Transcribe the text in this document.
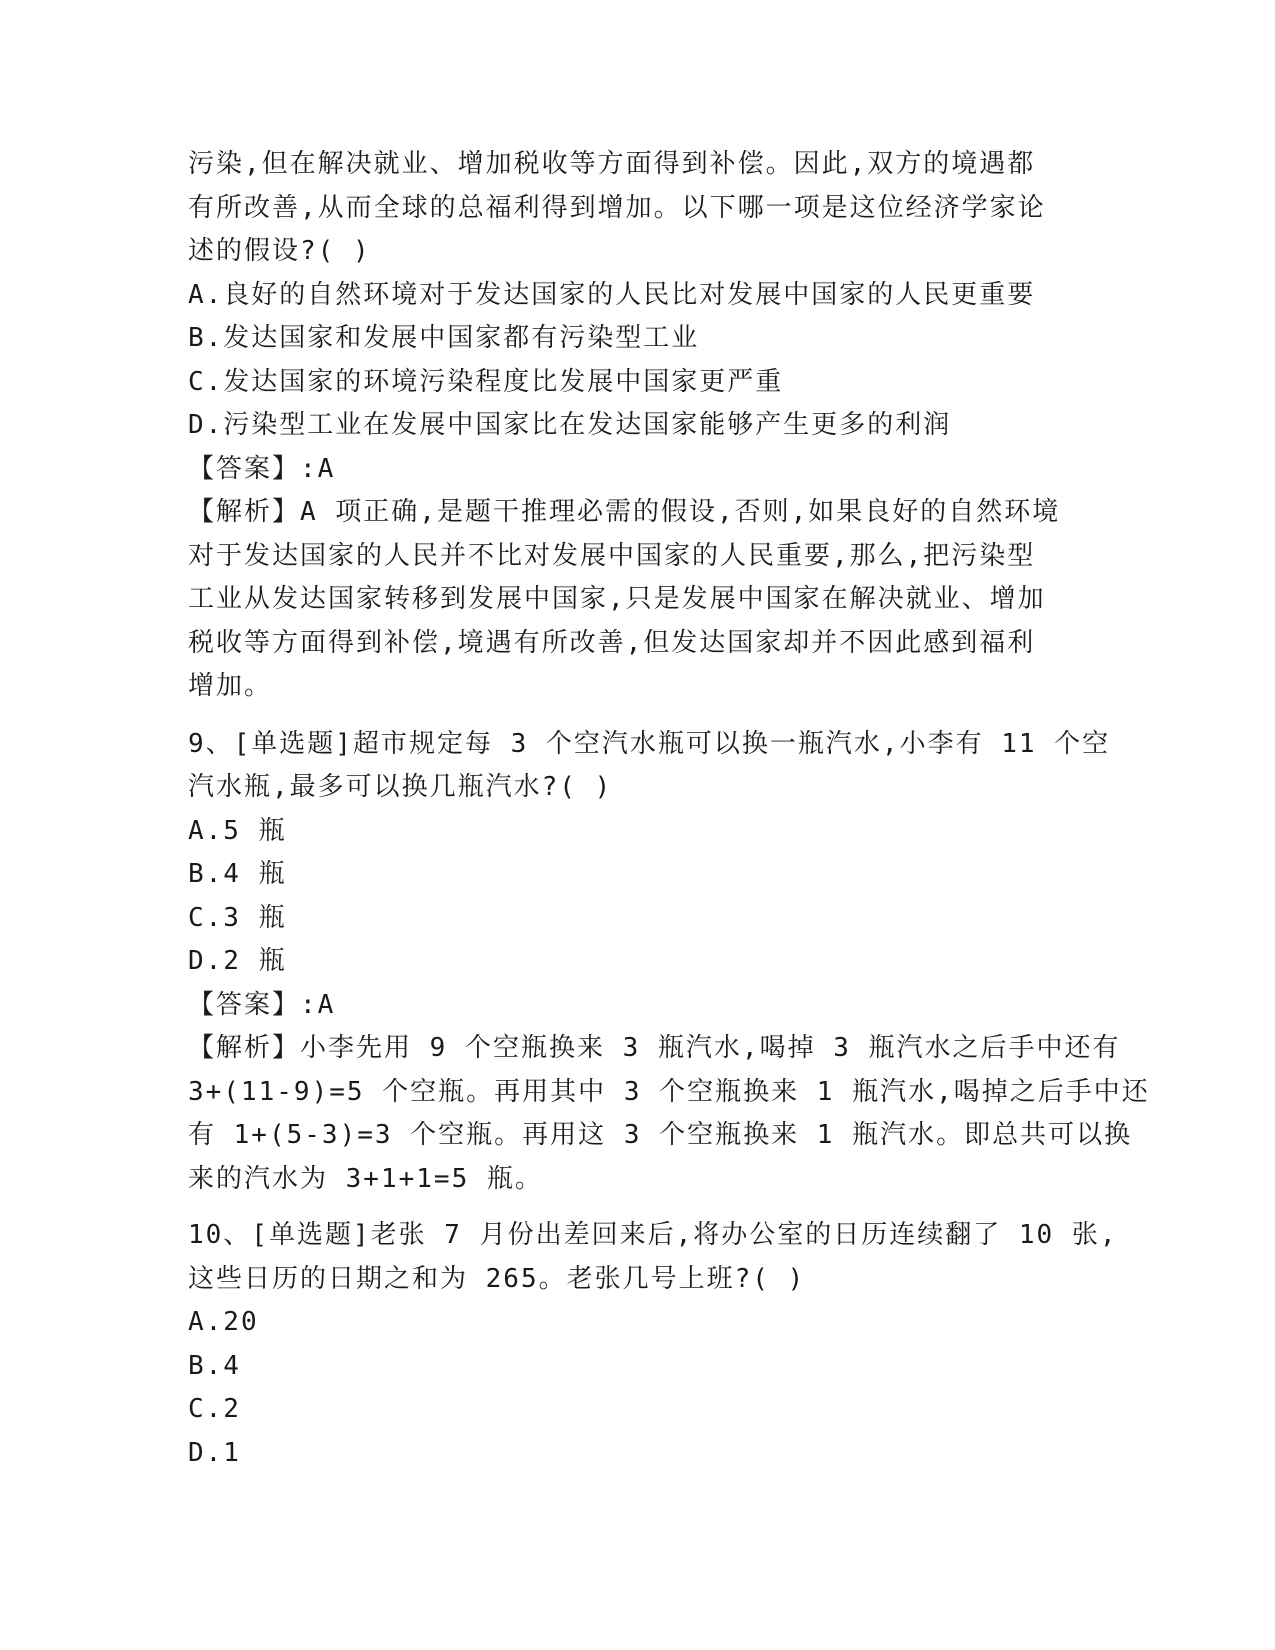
污染,但在解决就业、增加税收等方面得到补偿。因此,双方的境遇都
有所改善,从而全球的总福利得到增加。以下哪一项是这位经济学家论
述的假设?( )
A.良好的自然环境对于发达国家的人民比对发展中国家的人民更重要
B.发达国家和发展中国家都有污染型工业
C.发达国家的环境污染程度比发展中国家更严重
D.污染型工业在发展中国家比在发达国家能够产生更多的利润
【答案】:A
【解析】A 项正确,是题干推理必需的假设,否则,如果良好的自然环境
对于发达国家的人民并不比对发展中国家的人民重要,那么,把污染型
工业从发达国家转移到发展中国家,只是发展中国家在解决就业、增加
税收等方面得到补偿,境遇有所改善,但发达国家却并不因此感到福利
增加。
9、[单选题]超市规定每 3 个空汽水瓶可以换一瓶汽水,小李有 11 个空
汽水瓶,最多可以换几瓶汽水?( )
A.5 瓶
B.4 瓶
C.3 瓶
D.2 瓶
【答案】:A
【解析】小李先用 9 个空瓶换来 3 瓶汽水,喝掉 3 瓶汽水之后手中还有
3+(11-9)=5 个空瓶。再用其中 3 个空瓶换来 1 瓶汽水,喝掉之后手中还
有 1+(5-3)=3 个空瓶。再用这 3 个空瓶换来 1 瓶汽水。即总共可以换
来的汽水为 3+1+1=5 瓶。
10、[单选题]老张 7 月份出差回来后,将办公室的日历连续翻了 10 张,
这些日历的日期之和为 265。老张几号上班?( )
A.20
B.4
C.2
D.1
